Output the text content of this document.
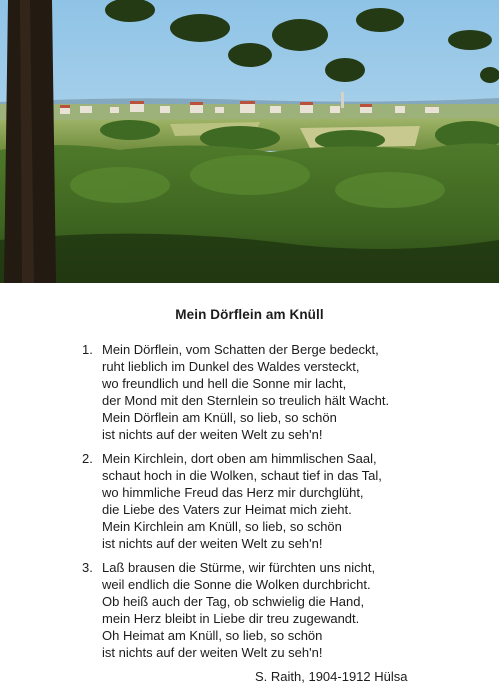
Mein Dörflein am Knüll
1. Mein Dörflein, vom Schatten der Berge bedeckt,
ruht lieblich im Dunkel des Waldes versteckt,
wo freundlich und hell die Sonne mir lacht,
der Mond mit den Sternlein so treulich hält Wacht.
Mein Dörflein am Knüll, so lieb, so schön
ist nichts auf der weiten Welt zu seh'n!
2. Mein Kirchlein, dort oben am himmlischen Saal,
schaut hoch in die Wolken, schaut tief in das Tal,
wo himmliche Freud das Herz mir durchglüht,
die Liebe des Vaters zur Heimat mich zieht.
Mein Kirchlein am Knüll, so lieb, so schön
ist nichts auf der weiten Welt zu seh'n!
3. Laß brausen die Stürme, wir fürchten uns nicht,
weil endlich die Sonne die Wolken durchbricht.
Ob heiß auch der Tag, ob schwielig die Hand,
mein Herz bleibt in Liebe dir treu zugewandt.
Oh Heimat am Knüll, so lieb, so schön
ist nichts auf der weiten Welt zu seh'n!
S. Raith, 1904-1912 Hülsa
